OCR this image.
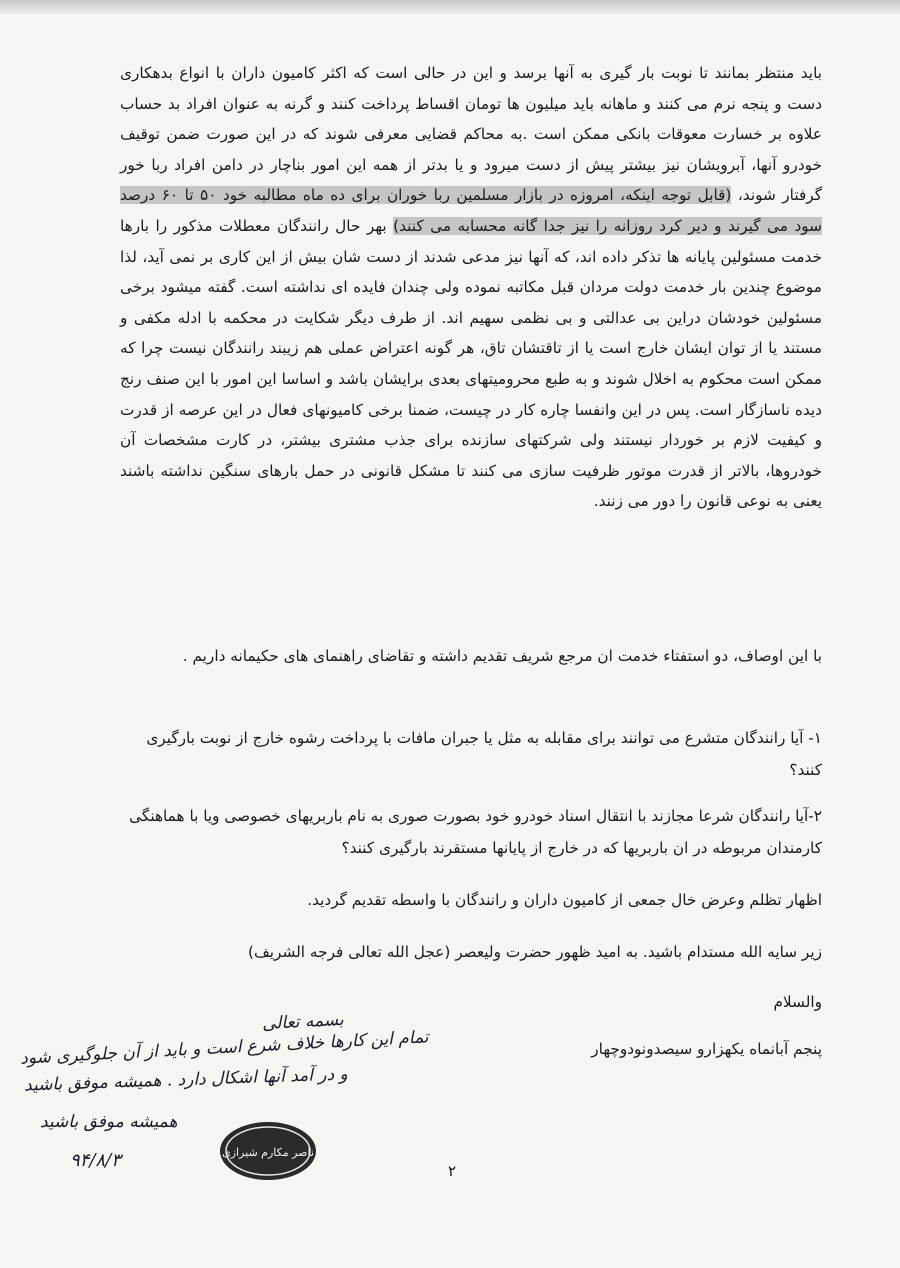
باید منتظر بمانند تا نوبت بار گیری به آنها برسد و این در حالی است که اکثر کامیون داران با انواع بدهکاری دست و پنجه نرم می کنند و ماهانه باید میلیون ها تومان اقساط پرداخت کنند و گرنه به عنوان افراد بد حساب علاوه بر خسارت معوقات بانکی ممکن است .به محاکم قضایی معرفی شوند که در این صورت ضمن توقیف خودرو آنها، آبرویشان نیز بیشتر پیش از دست میرود و یا بدتر از همه این امور بناچار در دامن افراد ربا خور گرفتار شوند، (قابل توجه اینکه، امروزه در بازار مسلمین ربا خوران برای ده ماه مطالبه خود ۵۰ تا ۶۰ درصد سود می گیرند و دیر کرد روزانه را نیز جدا گانه محسابه می کنند) بهر حال رانندگان معطلات مذکور را بارها خدمت مسئولین پایانه ها تذکر داده اند، که آنها نیز مدعی شدند از دست شان بیش از این کاری بر نمی آید، لذا موضوع چندین بار خدمت دولت مردان قبل مکاتبه نموده ولی چندان فایده ای نداشته است. گفته میشود برخی مسئولین خودشان دراین بی عدالتی و بی نظمی سهیم اند. از طرف دیگر شکایت در محکمه با ادله مکفی و مستند یا از توان ایشان خارج است یا از تاقتشان تاق، هر گونه اعتراض عملی هم زیبند رانندگان نیست چرا که ممکن است محکوم به اخلال شوند و به طبع محرومیتهای بعدی برایشان باشد و اساسا این امور با این صنف رنج دیده ناسازگار است. پس در این وانفسا چاره کار در چیست، ضمنا برخی کامیونهای فعال در این عرصه از قدرت و کیفیت لازم بر خوردار نیستند ولی شرکتهای سازنده برای جذب مشتری بیشتر، در کارت مشخصات آن خودروها، بالاتر از قدرت موتور ظرفیت سازی می کنند تا مشکل قانونی در حمل بارهای سنگین نداشته باشند یعنی به نوعی قانون را دور می زنند.

با این اوصاف، دو استفتاء خدمت ان مرجع شریف تقدیم داشته و تقاضای راهنمای های حکیمانه داریم .

۱- آیا رانندگان متشرع می توانند برای مقابله به مثل یا جبران مافات با پرداخت رشوه خارج از نوبت بارگیری کنند؟

۲-آیا رانندگان شرعا مجازند با انتقال اسناد خودرو خود بصورت صوری به نام باربریهای خصوصی ویا با هماهنگی کارمندان مربوطه در ان باربریها که در خارج از پایانها مستقرند بارگیری کنند؟

اظهار تظلم وعرض خال جمعی از کامیون داران و رانندگان با واسطه تقدیم گردید.

زیر سایه الله مستدام باشید. به امید ظهور حضرت ولیعصر (عجل الله تعالی فرجه الشریف)

والسلام

پنجم آبانماه یکهزارو سیصدونودوچهار

بسمه تعالی
تمام این کارها خلاف شرع است و باید از آن جلوگیری شود
و در آمد آنها اشکال دارد . همیشه موفق باشید
همیشه موفق باشید
۹۴/۸/۳	ناصر مکارم شیرازی
۲
